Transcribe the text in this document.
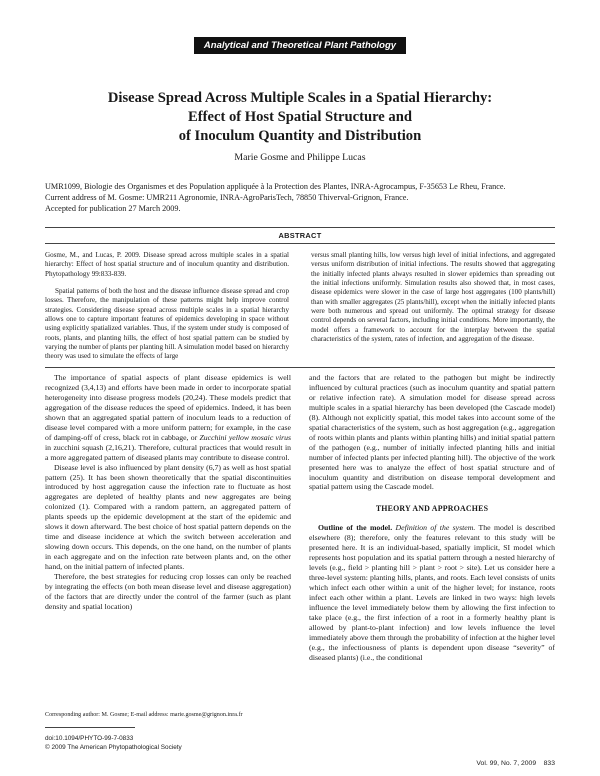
Analytical and Theoretical Plant Pathology
Disease Spread Across Multiple Scales in a Spatial Hierarchy:
Effect of Host Spatial Structure and
of Inoculum Quantity and Distribution
Marie Gosme and Philippe Lucas
UMR1099, Biologie des Organismes et des Population appliquée à la Protection des Plantes, INRA-Agrocampus, F-35653 Le Rheu, France.
Current address of M. Gosme: UMR211 Agronomie, INRA-AgroParisTech, 78850 Thiverval-Grignon, France.
Accepted for publication 27 March 2009.
ABSTRACT

Gosme, M., and Lucas, P. 2009. Disease spread across multiple scales in a spatial hierarchy: Effect of host spatial structure and of inoculum quantity and distribution. Phytopathology 99:833-839.

Spatial patterns of both the host and the disease influence disease spread and crop losses. Therefore, the manipulation of these patterns might help improve control strategies. Considering disease spread across multiple scales in a spatial hierarchy allows one to capture important features of epidemics developing in space without using explicitly spatialized variables. Thus, if the system under study is composed of roots, plants, and planting hills, the effect of host spatial pattern can be studied by varying the number of plants per planting hill. A simulation model based on hierarchy theory was used to simulate the effects of large

versus small planting hills, low versus high level of initial infections, and aggregated versus uniform distribution of initial infections. The results showed that aggregating the initially infected plants always resulted in slower epidemics than spreading out the initial infections uniformly. Simulation results also showed that, in most cases, disease epidemics were slower in the case of large host aggregates (100 plants/hill) than with smaller aggregates (25 plants/hill), except when the initially infected plants were both numerous and spread out uniformly. The optimal strategy for disease control depends on several factors, including initial conditions. More importantly, the model offers a framework to account for the interplay between the spatial characteristics of the system, rates of infection, and aggregation of the disease.

The importance of spatial aspects of plant disease epidemics is well recognized (3,4,13) and efforts have been made in order to incorporate spatial heterogeneity into disease progress models (20,24). These models predict that aggregation of the disease reduces the speed of epidemics. Indeed, it has been shown that an aggregated spatial pattern of inoculum leads to a reduction of disease level compared with a more uniform pattern; for example, in the case of damping-off of cress, black rot in cabbage, or Zucchini yellow mosaic virus in zucchini squash (2,16,21). Therefore, cultural practices that would result in a more aggregated pattern of diseased plants may contribute to disease control.

Disease level is also influenced by plant density (6,7) as well as host spatial pattern (25). It has been shown theoretically that the spatial discontinuities introduced by host aggregation cause the infection rate to fluctuate as host aggregates are depleted of healthy plants and new aggregates are being colonized (1). Compared with a random pattern, an aggregated pattern of plants speeds up the epidemic development at the start of the epidemic and slows it down afterward. The best choice of host spatial pattern depends on the time and disease incidence at which the switch between acceleration and slowing down occurs. This depends, on the one hand, on the number of plants in each aggregate and on the infection rate between plants and, on the other hand, on the initial pattern of infected plants.

Therefore, the best strategies for reducing crop losses can only be reached by integrating the effects (on both mean disease level and disease aggregation) of the factors that are directly under the control of the farmer (such as plant density and spatial location)

and the factors that are related to the pathogen but might be indirectly influenced by cultural practices (such as inoculum quantity and spatial pattern or relative infection rate). A simulation model for disease spread across multiple scales in a spatial hierarchy has been developed (the Cascade model) (8). Although not explicitly spatial, this model takes into account some of the spatial characteristics of the system, such as host aggregation (e.g., aggregation of roots within plants and plants within planting hills) and initial spatial pattern of the pathogen (e.g., number of initially infected planting hills and initial number of infected plants per infected planting hill). The objective of the work presented here was to analyze the effect of host spatial structure and of inoculum quantity and distribution on disease temporal development and spatial pattern using the Cascade model.

THEORY AND APPROACHES

Outline of the model. Definition of the system. The model is described elsewhere (8); therefore, only the features relevant to this study will be presented here. It is an individual-based, spatially implicit, SI model which represents host population and its spatial pattern through a nested hierarchy of levels (e.g., field > planting hill > plant > root > site). Let us consider here a three-level system: planting hills, plants, and roots. Each level consists of units which infect each other within a unit of the higher level; for instance, roots infect each other within a plant. Levels are linked in two ways: high levels influence the level immediately below them by allowing the first infection to take place (e.g., the first infection of a root in a formerly healthy plant is allowed by plant-to-plant infection) and low levels influence the level immediately above them through the probability of infection at the higher level (e.g., the infectiousness of plants is dependent upon disease “severity” of diseased plants) (i.e., the conditional

Corresponding author: M. Gosme; E-mail address: marie.gosme@grignon.inra.fr
doi:10.1094/PHYTO-99-7-0833
© 2009 The American Phytopathological Society
Vol. 99, No. 7, 2009    833
